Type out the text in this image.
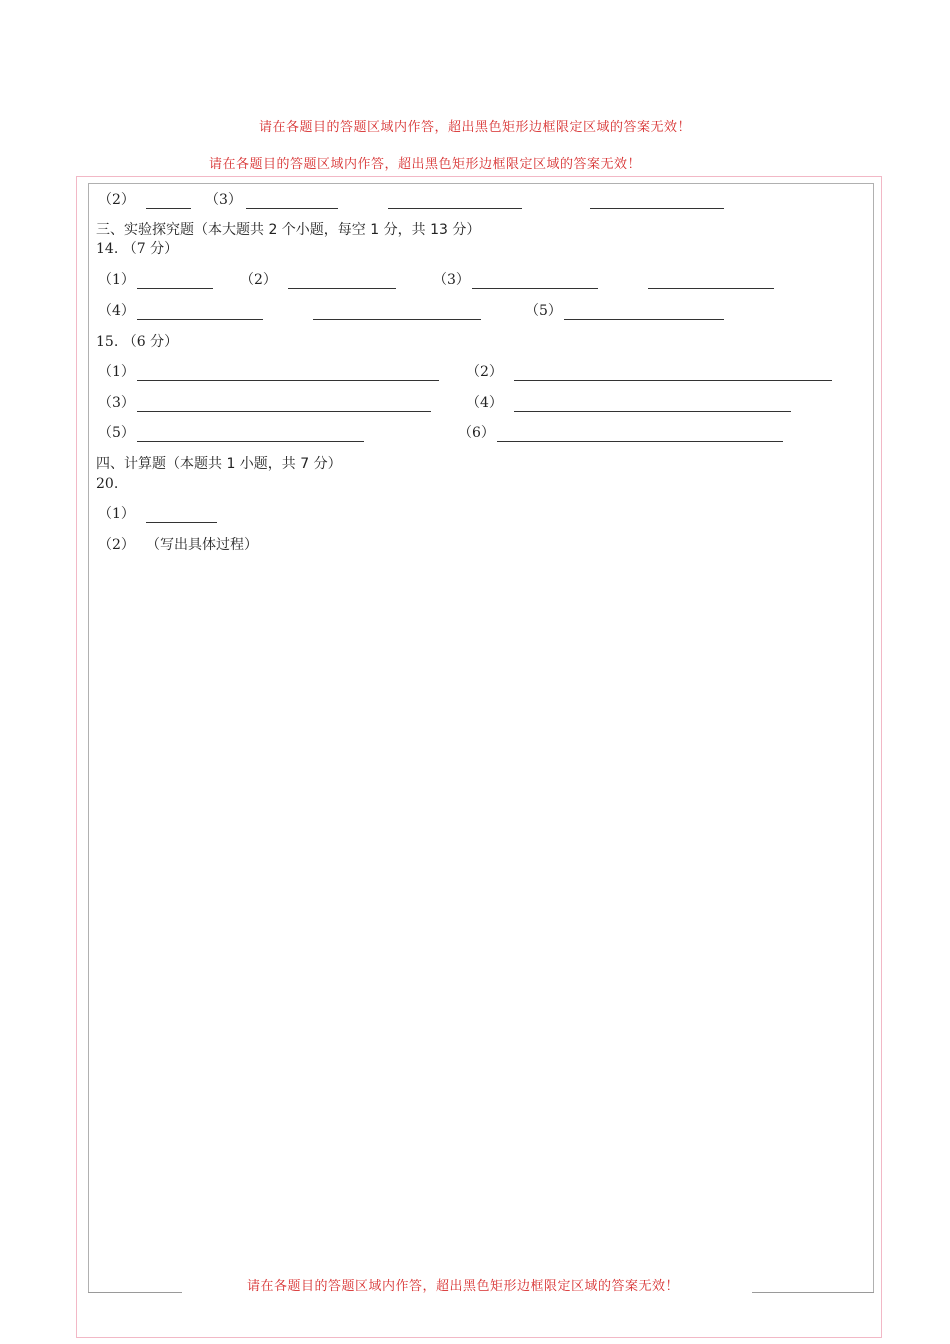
请在各题目的答题区域内作答，超出黑色矩形边框限定区域的答案无效！
请在各题目的答题区域内作答，超出黑色矩形边框限定区域的答案无效！
请在各题目的答题区域内作答，超出黑色矩形边框限定区域的答案无效！
（2）	（3）
三、实验探究题（本大题共 2 个小题，每空 1 分，共 13 分）
14. （7 分）
（1）	（2）	（3）
（4）	（5）
15. （6 分）
（1）	（2）
（3）	（4）
（5）	（6）
四、计算题（本题共 1 小题，共 7 分）
20.
（1）
（2） （写出具体过程）
